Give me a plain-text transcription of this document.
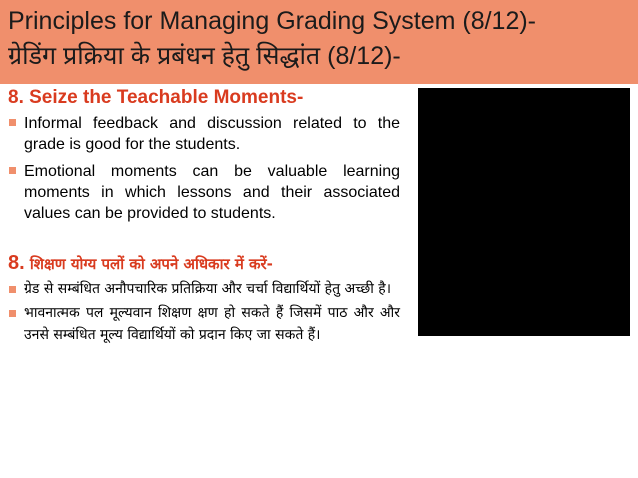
Principles for Managing Grading System (8/12)-
ग्रेडिंग प्रक्रिया के प्रबंधन हेतु सिद्धांत (8/12)-
8. Seize the Teachable Moments-
Informal feedback and discussion related to the grade is good for the students.
Emotional moments can be valuable learning moments in which lessons and their associated values can be provided to students.
8. शिक्षण योग्य पलों को अपने अधिकार में करें-
ग्रेड से सम्बंधित अनौपचारिक प्रतिक्रिया और चर्चा विद्यार्थियों हेतु अच्छी है।
भावनात्मक पल मूल्यवान शिक्षण क्षण हो सकते हैं जिसमें पाठ और और उनसे सम्बंधित मूल्य विद्यार्थियों को प्रदान किए जा सकते हैं।
